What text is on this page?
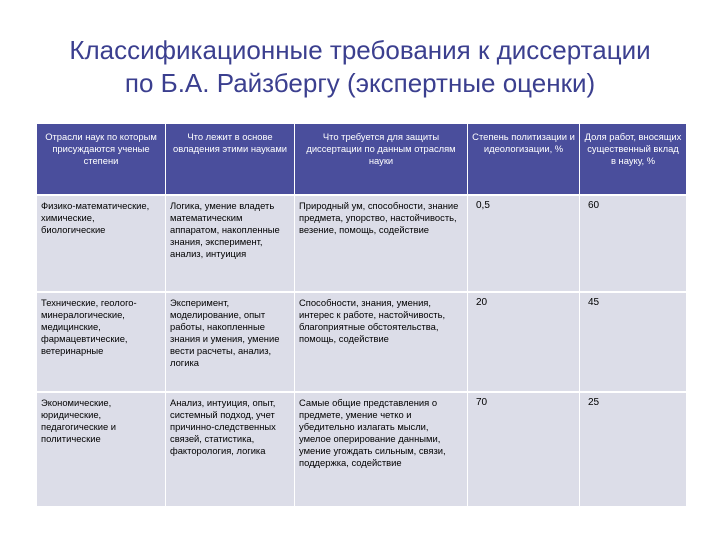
Классификационные требования к диссертации
по Б.А. Райзбергу (экспертные оценки)
Отрасли наук по которым присуждаются ученые степени	Что лежит в основе овладения этими науками	Что требуется для защиты диссертации по данным отраслям науки	Степень политизации и идеологизации, %	Доля работ, вносящих существенный вклад в науку, %
Физико-математические, химические, биологические	Логика, умение владеть математическим аппаратом, накопленные знания, эксперимент, анализ, интуиция	Природный ум, способности, знание предмета, упорство, настойчивость, везение, помощь, содействие	0,5	60
Технические, геолого-минералогические, медицинские, фармацевтические, ветеринарные	Эксперимент, моделирование, опыт работы, накопленные знания и умения, умение вести расчеты, анализ, логика	Способности, знания, умения, интерес к работе, настойчивость, благоприятные обстоятельства, помощь, содействие	20	45
Экономические, юридические, педагогические и политические	Анализ, интуиция, опыт, системный подход, учет причинно-следственных связей, статистика, факторология, логика	Самые общие представления о предмете, умение четко и убедительно излагать мысли, умелое оперирование данными, умение угождать сильным, связи, поддержка, содействие	70	25
